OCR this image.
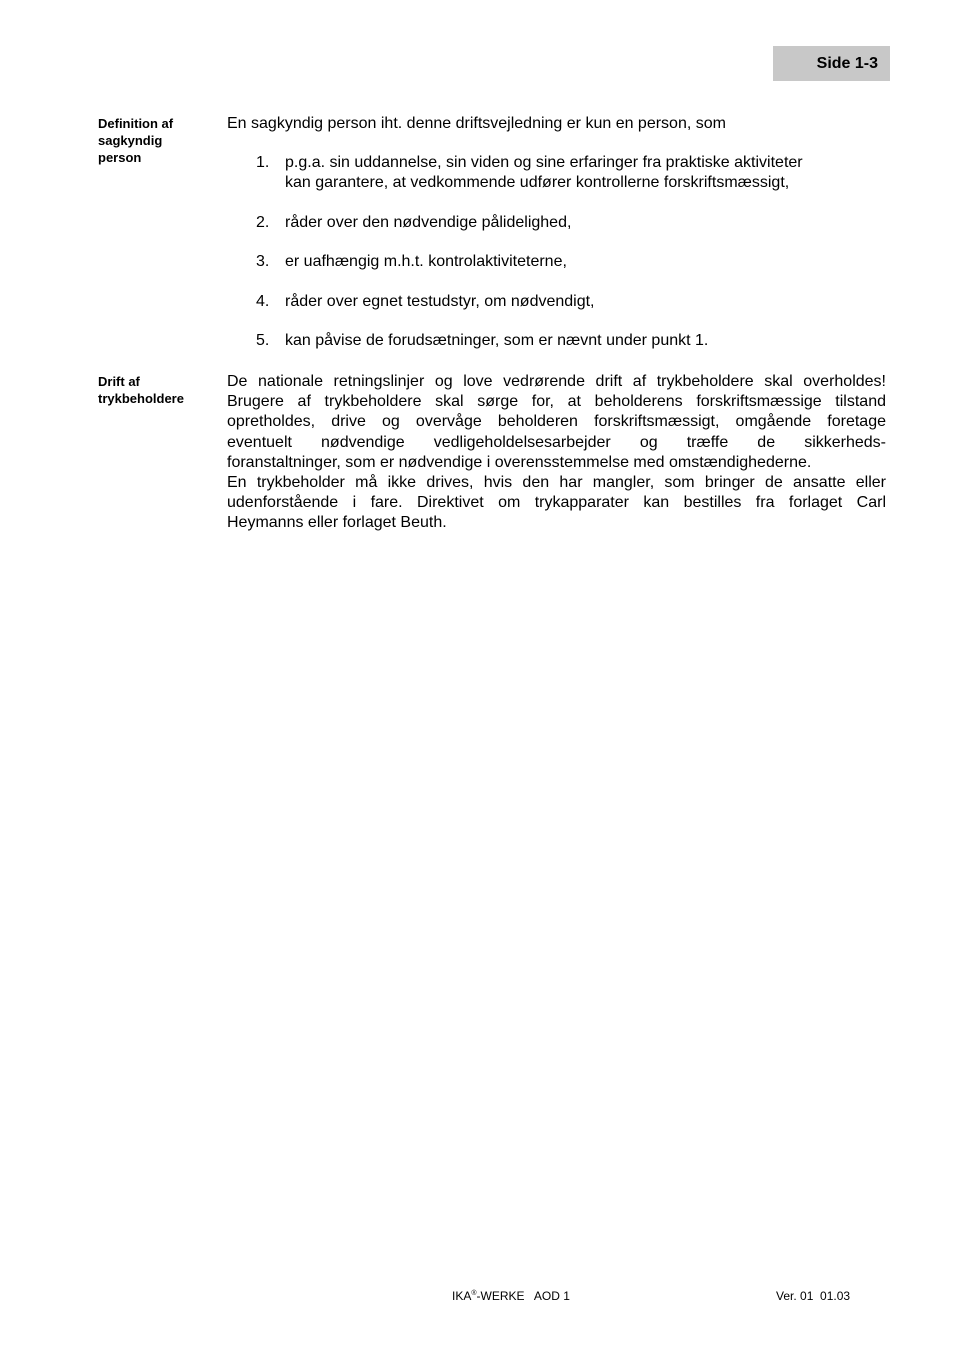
Side 1-3
Definition af
sagkyndig
person
En sagkyndig person iht. denne driftsvejledning er kun en person, som
1. p.g.a. sin uddannelse, sin viden og sine erfaringer fra praktiske aktiviteter
kan garantere, at vedkommende udfører kontrollerne forskriftsmæssigt,
2. råder over den nødvendige pålidelighed,
3. er uafhængig m.h.t. kontrolaktiviteterne,
4. råder over egnet testudstyr, om nødvendigt,
5. kan påvise de forudsætninger, som er nævnt under punkt 1.
Drift af
trykbeholdere
De nationale retningslinjer og love vedrørende drift af trykbeholdere skal overholdes!
Brugere af trykbeholdere skal sørge for, at beholderens forskriftsmæssige tilstand
opretholdes, drive og overvåge beholderen forskriftsmæssigt, omgående foretage
eventuelt nødvendige vedligeholdelsesarbejder og træffe de sikkerheds-
foranstaltninger, som er nødvendige i overensstemmelse med omstændighederne.
En trykbeholder må ikke drives, hvis den har mangler, som bringer de ansatte eller
udenforstående i fare. Direktivet om trykapparater kan bestilles fra forlaget Carl
Heymanns eller forlaget Beuth.
IKA®-WERKE   AOD 1	Ver. 01  01.03
